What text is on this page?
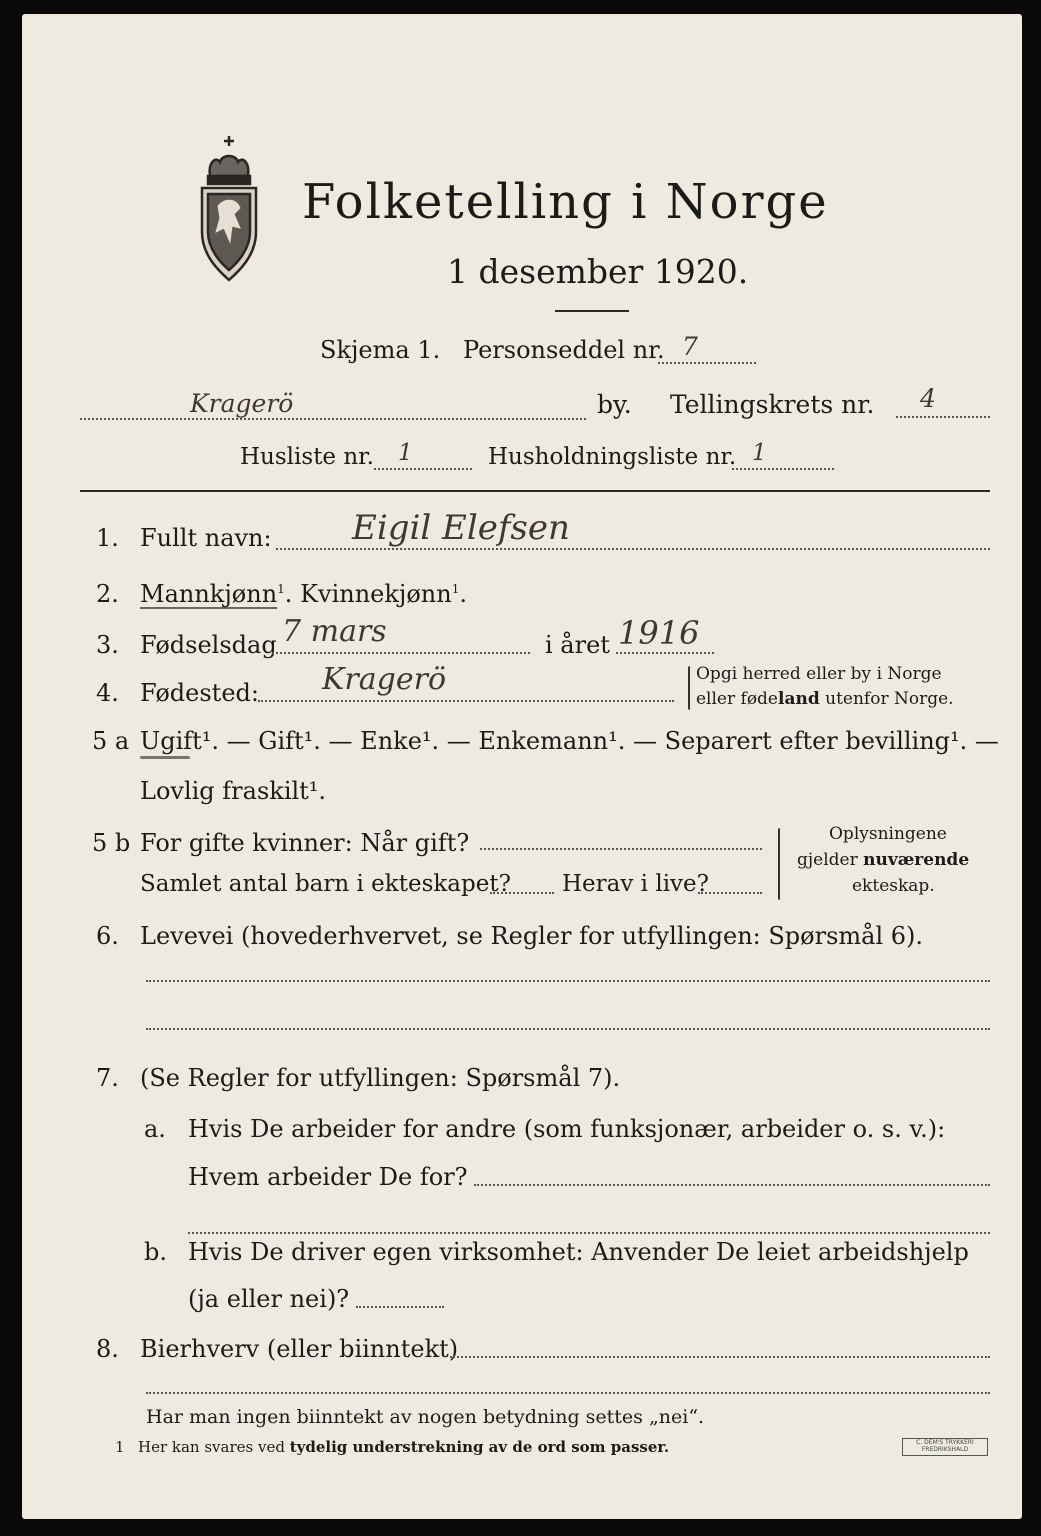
Folketelling i Norge
1 desember 1920.
Skjema 1. Personseddel nr. 7
Kragerö	by. Tellingskrets nr. 4
Husliste nr. 1	Husholdningsliste nr. 1
1. Fullt navn: Eigil Elefsen
2. Mannkjønn$^1$. Kvinnekjønn$^1$.
3. Fødselsdag 7 mars	i året 1916
4. Fødested: Kragerö	Opgi herred eller by i Norge
eller fødeland utenfor Norge.
5 a Ugift¹. — Gift¹. — Enke¹. — Enkemann¹. — Separert efter bevilling¹. —
Lovlig fraskilt¹.
5 b For gifte kvinner: Når gift?
Samlet antal barn i ekteskapet? Herav i live?
Oplysningene
gjelder nuværende
ekteskap.
6. Levevei (hovederhvervet, se Regler for utfyllingen: Spørsmål 6).
7. (Se Regler for utfyllingen: Spørsmål 7).
a. Hvis De arbeider for andre (som funksjonær, arbeider o. s. v.):
Hvem arbeider De for?
b. Hvis De driver egen virksomhet: Anvender De leiet arbeidshjelp
(ja eller nei)?
8. Bierhverv (eller biinntekt)
Har man ingen biinntekt av nogen betydning settes „nei“.
1 Her kan svares ved tydelig understrekning av de ord som passer.	C. DEM'S TRYKKERI
FREDRIKSHALD
